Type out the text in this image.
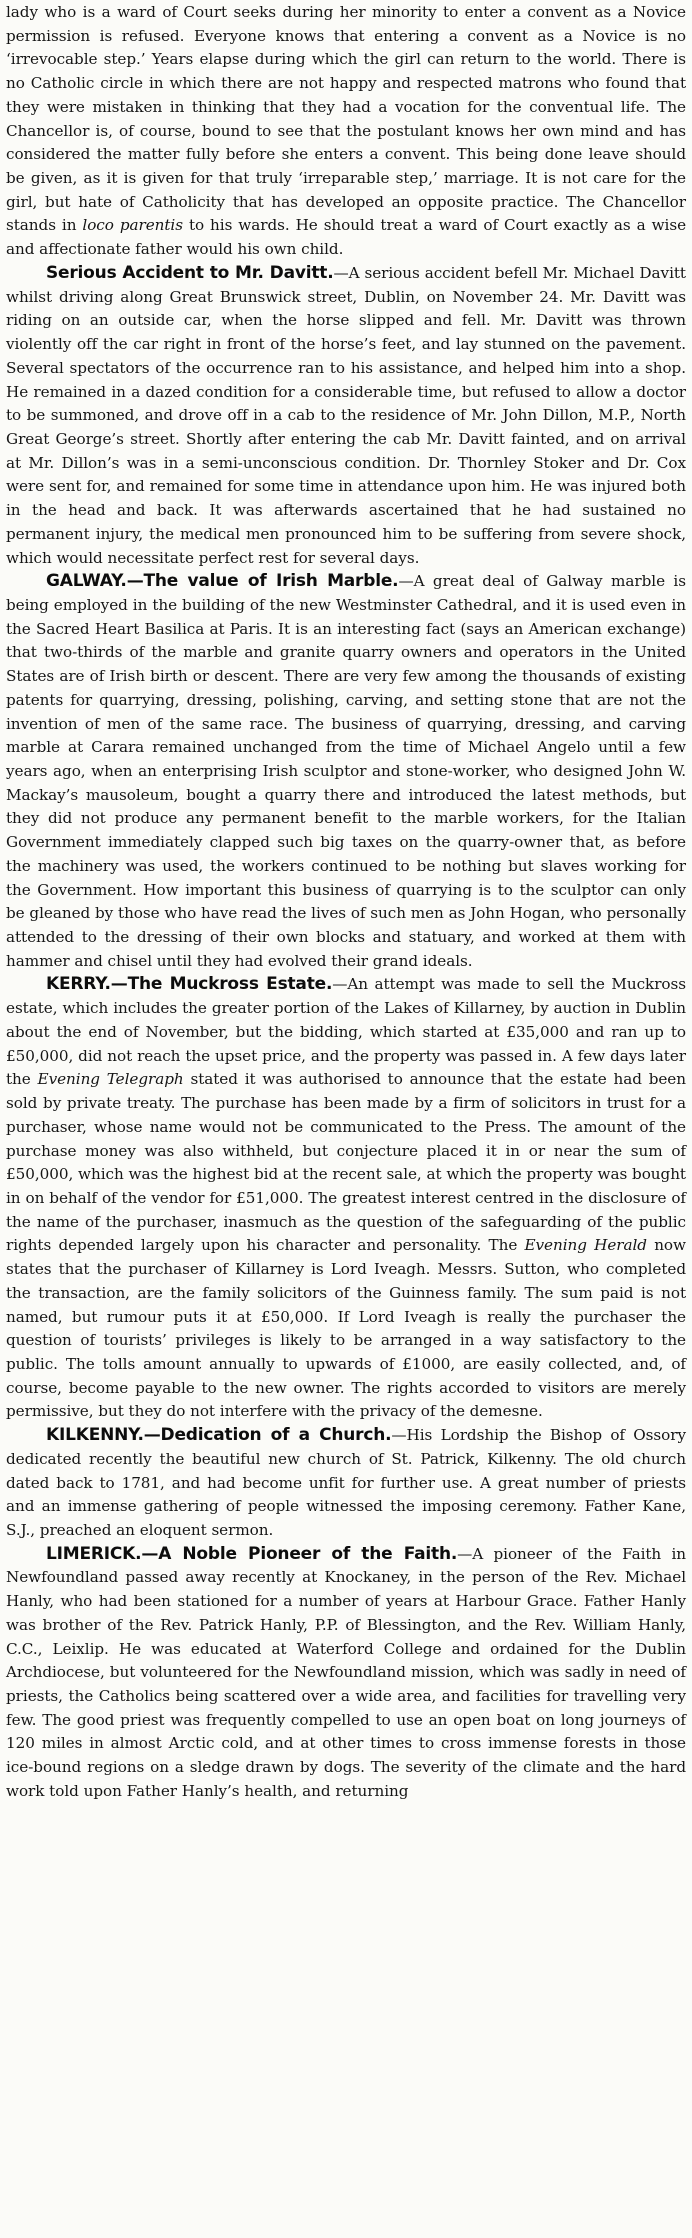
lady who is a ward of Court seeks during her minority to enter a convent as a Novice permission is refused. Everyone knows that entering a convent as a Novice is no ‘irrevocable step.’ Years elapse during which the girl can return to the world. There is no Catholic circle in which there are not happy and respected matrons who found that they were mistaken in thinking that they had a vocation for the conventual life. The Chancellor is, of course, bound to see that the postulant knows her own mind and has considered the matter fully before she enters a convent. This being done leave should be given, as it is given for that truly ‘irreparable step,’ marriage. It is not care for the girl, but hate of Catholicity that has developed an opposite practice. The Chancellor stands in loco parentis to his wards. He should treat a ward of Court exactly as a wise and affectionate father would his own child.

Serious Accident to Mr. Davitt.—A serious accident befell Mr. Michael Davitt whilst driving along Great Brunswick street, Dublin, on November 24. Mr. Davitt was riding on an outside car, when the horse slipped and fell. Mr. Davitt was thrown violently off the car right in front of the horse’s feet, and lay stunned on the pavement. Several spectators of the occurrence ran to his assistance, and helped him into a shop. He remained in a dazed condition for a considerable time, but refused to allow a doctor to be summoned, and drove off in a cab to the residence of Mr. John Dillon, M.P., North Great George’s street. Shortly after entering the cab Mr. Davitt fainted, and on arrival at Mr. Dillon’s was in a semi-unconscious condition. Dr. Thornley Stoker and Dr. Cox were sent for, and remained for some time in attendance upon him. He was injured both in the head and back. It was afterwards ascertained that he had sustained no permanent injury, the medical men pronounced him to be suffering from severe shock, which would necessitate perfect rest for several days.

GALWAY.—The value of Irish Marble.—A great deal of Galway marble is being employed in the building of the new Westminster Cathedral, and it is used even in the Sacred Heart Basilica at Paris. It is an interesting fact (says an American exchange) that two-thirds of the marble and granite quarry owners and operators in the United States are of Irish birth or descent. There are very few among the thousands of existing patents for quarrying, dressing, polishing, carving, and setting stone that are not the invention of men of the same race. The business of quarrying, dressing, and carving marble at Carara remained unchanged from the time of Michael Angelo until a few years ago, when an enterprising Irish sculptor and stone-worker, who designed John W. Mackay’s mausoleum, bought a quarry there and introduced the latest methods, but they did not produce any permanent benefit to the marble workers, for the Italian Government immediately clapped such big taxes on the quarry-owner that, as before the machinery was used, the workers continued to be nothing but slaves working for the Government. How important this business of quarrying is to the sculptor can only be gleaned by those who have read the lives of such men as John Hogan, who personally attended to the dressing of their own blocks and statuary, and worked at them with hammer and chisel until they had evolved their grand ideals.

KERRY.—The Muckross Estate.—An attempt was made to sell the Muckross estate, which includes the greater portion of the Lakes of Killarney, by auction in Dublin about the end of November, but the bidding, which started at £35,000 and ran up to £50,000, did not reach the upset price, and the property was passed in. A few days later the Evening Telegraph stated it was authorised to announce that the estate had been sold by private treaty. The purchase has been made by a firm of solicitors in trust for a purchaser, whose name would not be communicated to the Press. The amount of the purchase money was also withheld, but conjecture placed it in or near the sum of £50,000, which was the highest bid at the recent sale, at which the property was bought in on behalf of the vendor for £51,000. The greatest interest centred in the disclosure of the name of the purchaser, inasmuch as the question of the safeguarding of the public rights depended largely upon his character and personality. The Evening Herald now states that the purchaser of Killarney is Lord Iveagh. Messrs. Sutton, who completed the transaction, are the family solicitors of the Guinness family. The sum paid is not named, but rumour puts it at £50,000. If Lord Iveagh is really the purchaser the question of tourists’ privileges is likely to be arranged in a way satisfactory to the public. The tolls amount annually to upwards of £1000, are easily collected, and, of course, become payable to the new owner. The rights accorded to visitors are merely permissive, but they do not interfere with the privacy of the demesne.

KILKENNY.—Dedication of a Church.—His Lordship the Bishop of Ossory dedicated recently the beautiful new church of St. Patrick, Kilkenny. The old church dated back to 1781, and had become unfit for further use. A great number of priests and an immense gathering of people witnessed the imposing ceremony. Father Kane, S.J., preached an eloquent sermon.

LIMERICK.—A Noble Pioneer of the Faith.—A pioneer of the Faith in Newfoundland passed away recently at Knockaney, in the person of the Rev. Michael Hanly, who had been stationed for a number of years at Harbour Grace. Father Hanly was brother of the Rev. Patrick Hanly, P.P. of Blessington, and the Rev. William Hanly, C.C., Leixlip. He was educated at Waterford College and ordained for the Dublin Archdiocese, but volunteered for the Newfoundland mission, which was sadly in need of priests, the Catholics being scattered over a wide area, and facilities for travelling very few. The good priest was frequently compelled to use an open boat on long journeys of 120 miles in almost Arctic cold, and at other times to cross immense forests in those ice-bound regions on a sledge drawn by dogs. The severity of the climate and the hard work told upon Father Hanly’s health, and returning
